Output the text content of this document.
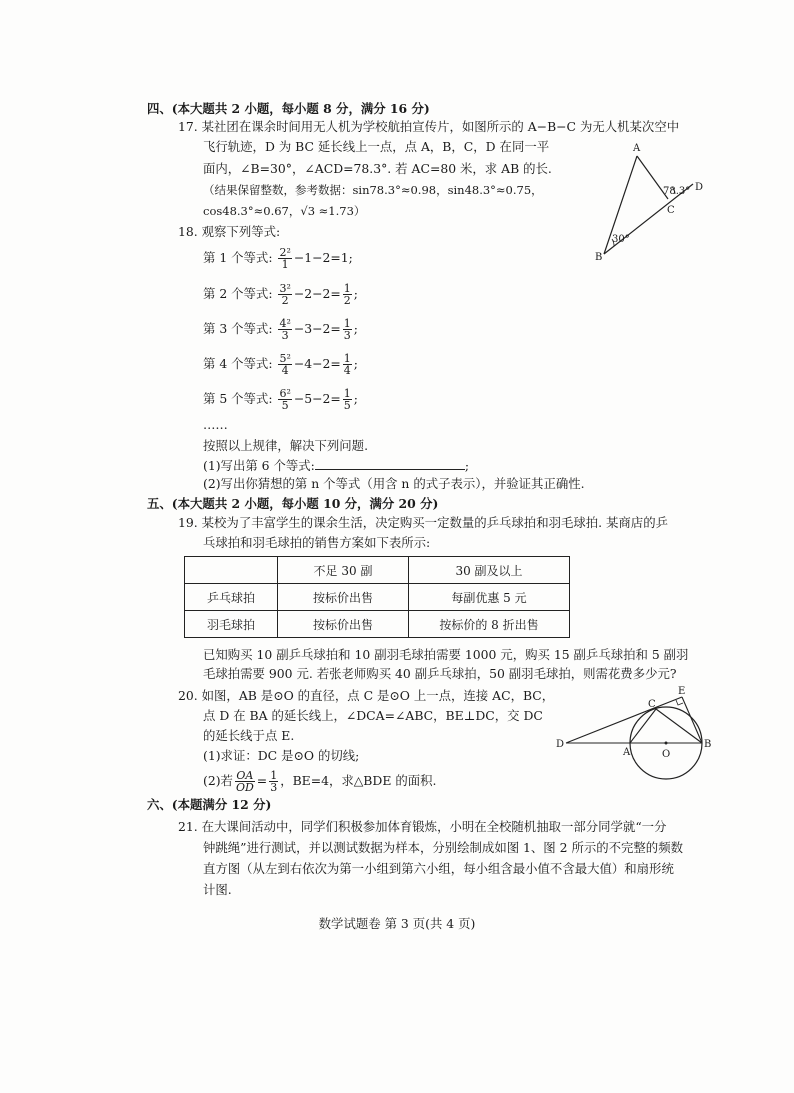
四、(本大题共 2 小题，每小题 8 分，满分 16 分)
17. 某社团在课余时间用无人机为学校航拍宣传片，如图所示的 A−B−C 为无人机某次空中
飞行轨迹，D 为 BC 延长线上一点，点 A，B，C，D 在同一平
面内，∠B=30°，∠ACD=78.3°. 若 AC=80 米，求 AB 的长.
（结果保留整数，参考数据：sin78.3°≈0.98，sin48.3°≈0.75，
cos48.3°≈0.67，√3 ≈1.73）
A
B
C
D
30°
78.3°
18. 观察下列等式:
第 1 个等式: $\frac{\text{2²}}{1} -1-2=1$;
第 2 个等式: $\frac{\text{3²}}{2} -2-2= \frac{1}{2}$ ;
第 3 个等式: $\frac{\text{4²}}{3} -3-2= \frac{1}{3}$ ;
第 4 个等式: $\frac{\text{5²}}{4} -4-2= \frac{1}{4}$ ;
第 5 个等式: $\frac{\text{6²}}{5} -5-2= \frac{1}{5}$ ;
……
按照以上规律，解决下列问题.
(1)写出第 6 个等式:	;
(2)写出你猜想的第 n 个等式（用含 n 的式子表示），并验证其正确性.
五、(本大题共 2 小题，每小题 10 分，满分 20 分)
19. 某校为了丰富学生的课余生活，决定购买一定数量的乒乓球拍和羽毛球拍. 某商店的乒
乓球拍和羽毛球拍的销售方案如下表所示:
	不足 30 副	30 副及以上
乒乓球拍	按标价出售	每副优惠 5 元
羽毛球拍	按标价出售	按标价的 8 折出售
已知购买 10 副乒乓球拍和 10 副羽毛球拍需要 1000 元，购买 15 副乒乓球拍和 5 副羽
毛球拍需要 900 元. 若张老师购买 40 副乒乓球拍，50 副羽毛球拍，则需花费多少元?
20. 如图，AB 是⊙O 的直径，点 C 是⊙O 上一点，连接 AC，BC，
点 D 在 BA 的延长线上，∠DCA=∠ABC，BE⊥DC，交 DC
的延长线于点 E.
(1)求证：DC 是⊙O 的切线;
(2)若 $\frac{OA}{OD} = \frac{1}{3}$ ，BE=4，求△BDE 的面积.
D
A	O
B
C
E
六、(本题满分 12 分)
21. 在大课间活动中，同学们积极参加体育锻炼，小明在全校随机抽取一部分同学就“一分
钟跳绳”进行测试，并以测试数据为样本，分别绘制成如图 1、图 2 所示的不完整的频数
直方图（从左到右依次为第一小组到第六小组，每小组含最小值不含最大值）和扇形统
计图.
数学试题卷 第 3 页(共 4 页)
